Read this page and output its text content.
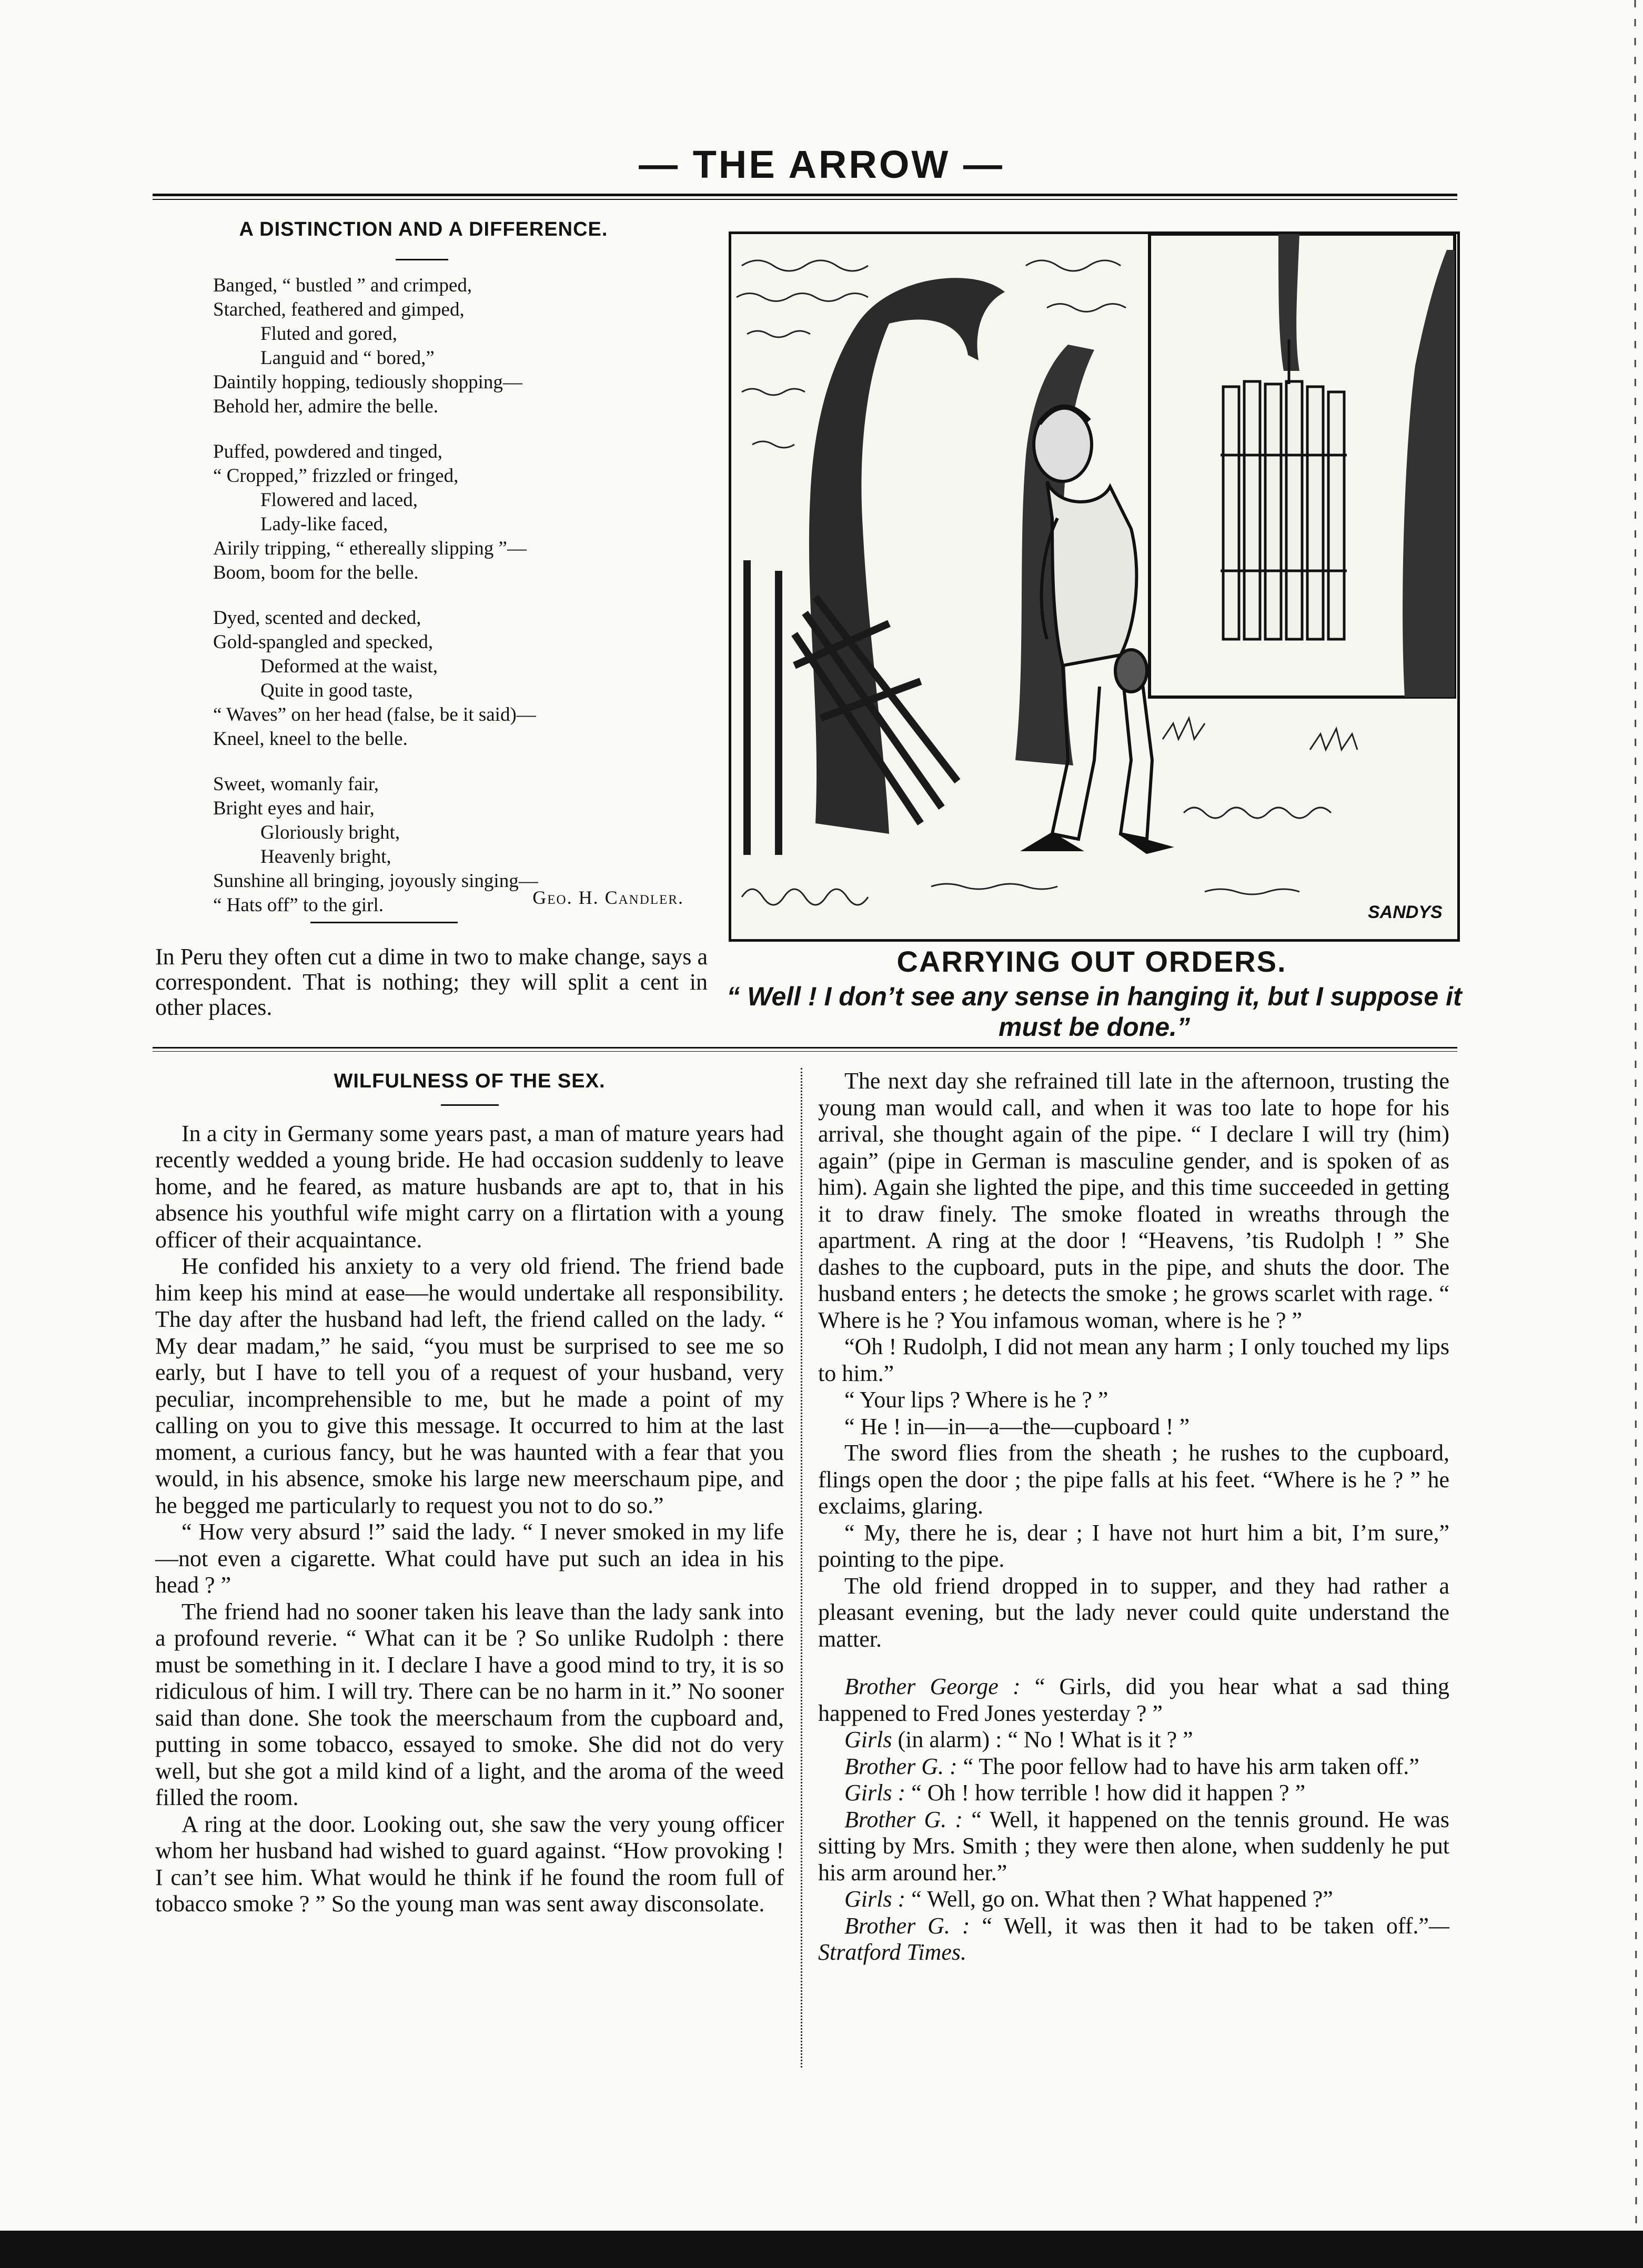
— THE ARROW —
A DISTINCTION AND A DIFFERENCE.
Banged, “ bustled ” and crimped,
Starched, feathered and gimped,
Fluted and gored,
Languid and “ bored,”
Daintily hopping, tediously shopping—
Behold her, admire the belle.
Puffed, powdered and tinged,
“ Cropped,” frizzled or fringed,
Flowered and laced,
Lady-like faced,
Airily tripping, “ ethereally slipping ”—
Boom, boom for the belle.
Dyed, scented and decked,
Gold-spangled and specked,
Deformed at the waist,
Quite in good taste,
“ Waves” on her head (false, be it said)—
Kneel, kneel to the belle.
Sweet, womanly fair,
Bright eyes and hair,
Gloriously bright,
Heavenly bright,
Sunshine all bringing, joyously singing—
“ Hats off” to the girl.	Geo. H. Candler.
In Peru they often cut a dime in two to make change, says a correspondent. That is nothing; they will split a cent in other places.
SANDYS
CARRYING OUT ORDERS.
“ Well ! I don’t see any sense in hanging it, but I suppose it must be done.”

WILFULNESS OF THE SEX.

In a city in Germany some years past, a man of mature years had recently wedded a young bride. He had occasion suddenly to leave home, and he feared, as mature husbands are apt to, that in his absence his youthful wife might carry on a flirtation with a young officer of their acquaintance.

He confided his anxiety to a very old friend. The friend bade him keep his mind at ease—he would undertake all responsibility. The day after the husband had left, the friend called on the lady. “ My dear madam,” he said, “you must be surprised to see me so early, but I have to tell you of a request of your husband, very peculiar, incomprehensible to me, but he made a point of my calling on you to give this message. It occurred to him at the last moment, a curious fancy, but he was haunted with a fear that you would, in his absence, smoke his large new meerschaum pipe, and he begged me particularly to request you not to do so.”

“ How very absurd !” said the lady. “ I never smoked in my life—not even a cigarette. What could have put such an idea in his head ? ”

The friend had no sooner taken his leave than the lady sank into a profound reverie. “ What can it be ? So unlike Rudolph : there must be something in it. I declare I have a good mind to try, it is so ridiculous of him. I will try. There can be no harm in it.” No sooner said than done. She took the meerschaum from the cupboard and, putting in some tobacco, essayed to smoke. She did not do very well, but she got a mild kind of a light, and the aroma of the weed filled the room.

A ring at the door. Looking out, she saw the very young officer whom her husband had wished to guard against. “How provoking ! I can’t see him. What would he think if he found the room full of tobacco smoke ? ” So the young man was sent away disconsolate.

The next day she refrained till late in the afternoon, trusting the young man would call, and when it was too late to hope for his arrival, she thought again of the pipe. “ I declare I will try (him) again” (pipe in German is masculine gender, and is spoken of as him). Again she lighted the pipe, and this time succeeded in getting it to draw finely. The smoke floated in wreaths through the apartment. A ring at the door ! “Heavens, ’tis Rudolph ! ” She dashes to the cupboard, puts in the pipe, and shuts the door. The husband enters ; he detects the smoke ; he grows scarlet with rage. “ Where is he ? You infamous woman, where is he ? ”

“Oh ! Rudolph, I did not mean any harm ; I only touched my lips to him.”

“ Your lips ? Where is he ? ”

“ He ! in—in—a—the—cupboard ! ”

The sword flies from the sheath ; he rushes to the cupboard, flings open the door ; the pipe falls at his feet. “Where is he ? ” he exclaims, glaring.

“ My, there he is, dear ; I have not hurt him a bit, I’m sure,” pointing to the pipe.

The old friend dropped in to supper, and they had rather a pleasant evening, but the lady never could quite understand the matter.

Brother George : “ Girls, did you hear what a sad thing happened to Fred Jones yesterday ? ”

Girls (in alarm) : “ No ! What is it ? ”

Brother G. : “ The poor fellow had to have his arm taken off.”

Girls : “ Oh ! how terrible ! how did it happen ? ”

Brother G. : “ Well, it happened on the tennis ground. He was sitting by Mrs. Smith ; they were then alone, when suddenly he put his arm around her.”

Girls : “ Well, go on. What then ? What happened ?”

Brother G. : “ Well, it was then it had to be taken off.”—Stratford Times.
